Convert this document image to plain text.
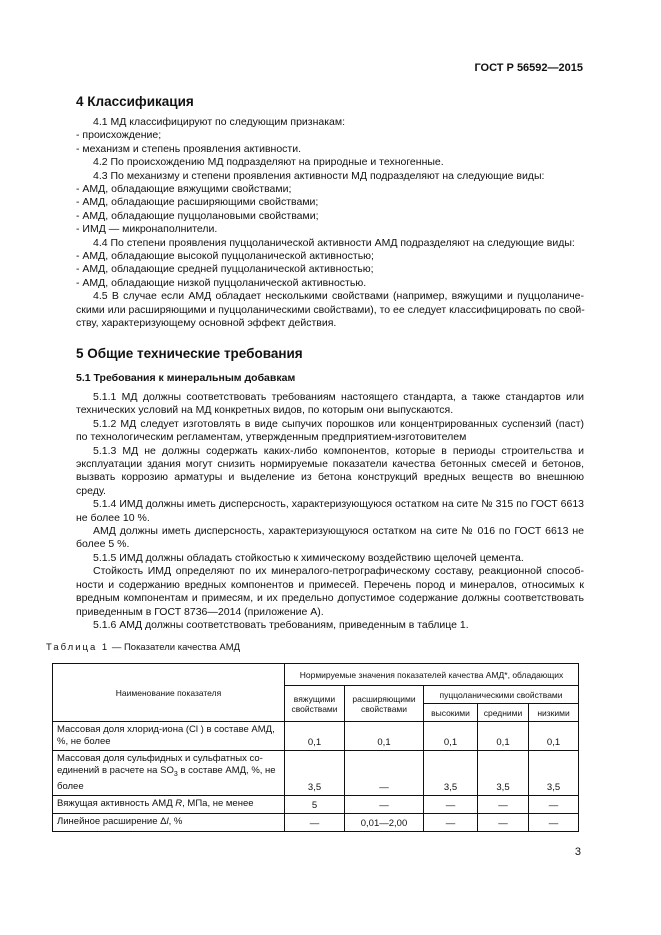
ГОСТ Р 56592—2015
4 Классификация
4.1 МД классифицируют по следующим признакам:
- происхождение;
- механизм и степень проявления активности.
4.2 По происхождению МД подразделяют на природные и техногенные.
4.3 По механизму и степени проявления активности МД подразделяют на следующие виды:
- АМД, обладающие вяжущими свойствами;
- АМД, обладающие расширяющими свойствами;
- АМД, обладающие пуццолановыми свойствами;
- ИМД — микронаполнители.
4.4 По степени проявления пуццоланической активности АМД подразделяют на следующие виды:
- АМД, обладающие высокой пуццоланической активностью;
- АМД, обладающие средней пуццоланической активностью;
- АМД, обладающие низкой пуццоланической активностью.
4.5 В случае если АМД обладает несколькими свойствами (например, вяжущими и пуццоланиче-
скими или расширяющими и пуццоланическими свойствами), то ее следует классифицировать по свой-
ству, характеризующему основной эффект действия.
5 Общие технические требования
5.1 Требования к минеральным добавкам
5.1.1 МД должны соответствовать требованиям настоящего стандарта, а также стандартов или
технических условий на МД конкретных видов, по которым они выпускаются.
5.1.2 МД следует изготовлять в виде сыпучих порошков или концентрированных суспензий (паст)
по технологическим регламентам, утвержденным предприятием-изготовителем
5.1.3 МД не должны содержать каких-либо компонентов, которые в периоды строительства и
эксплуатации здания могут снизить нормируемые показатели качества бетонных смесей и бетонов,
вызвать коррозию арматуры и выделение из бетона конструкций вредных веществ во внешнюю
среду.
5.1.4 ИМД должны иметь дисперсность, характеризующуюся остатком на сите № 315 по ГОСТ 6613
не более 10 %.
АМД должны иметь дисперсность, характеризующуюся остатком на сите № 016 по ГОСТ 6613 не
более 5 %.
5.1.5 ИМД должны обладать стойкостью к химическому воздействию щелочей цемента.
Стойкость ИМД определяют по их минералого-петрографическому составу, реакционной способ-
ности и содержанию вредных компонентов и примесей. Перечень пород и минералов, относимых к
вредным компонентам и примесям, и их предельно допустимое содержание должны соответствовать
приведенным в ГОСТ 8736—2014 (приложение А).
5.1.6 АМД должны соответствовать требованиям, приведенным в таблице 1.
Таблица 1 — Показатели качества АМД
Наименование показателя	Нормируемые значения показателей качества АМД*, обладающих				
	вяжущими свойствами	расширяющими свойствами	пуццоланическими свойствами		
			высокими	средними	низкими
Массовая доля хлорид-иона (Cl ) в составе АМД, %, не более	0,1	0,1	0,1	0,1	0,1
Массовая доля сульфидных и сульфатных со-единений в расчете на $SO_3$ в составе АМД, %, не более	3,5	—	3,5	3,5	3,5
Вяжущая активность АМД R, МПа, не менее	5	—	—	—	—
Линейное расширение Δl, %	—	0,01—2,00	—	—	—
3
